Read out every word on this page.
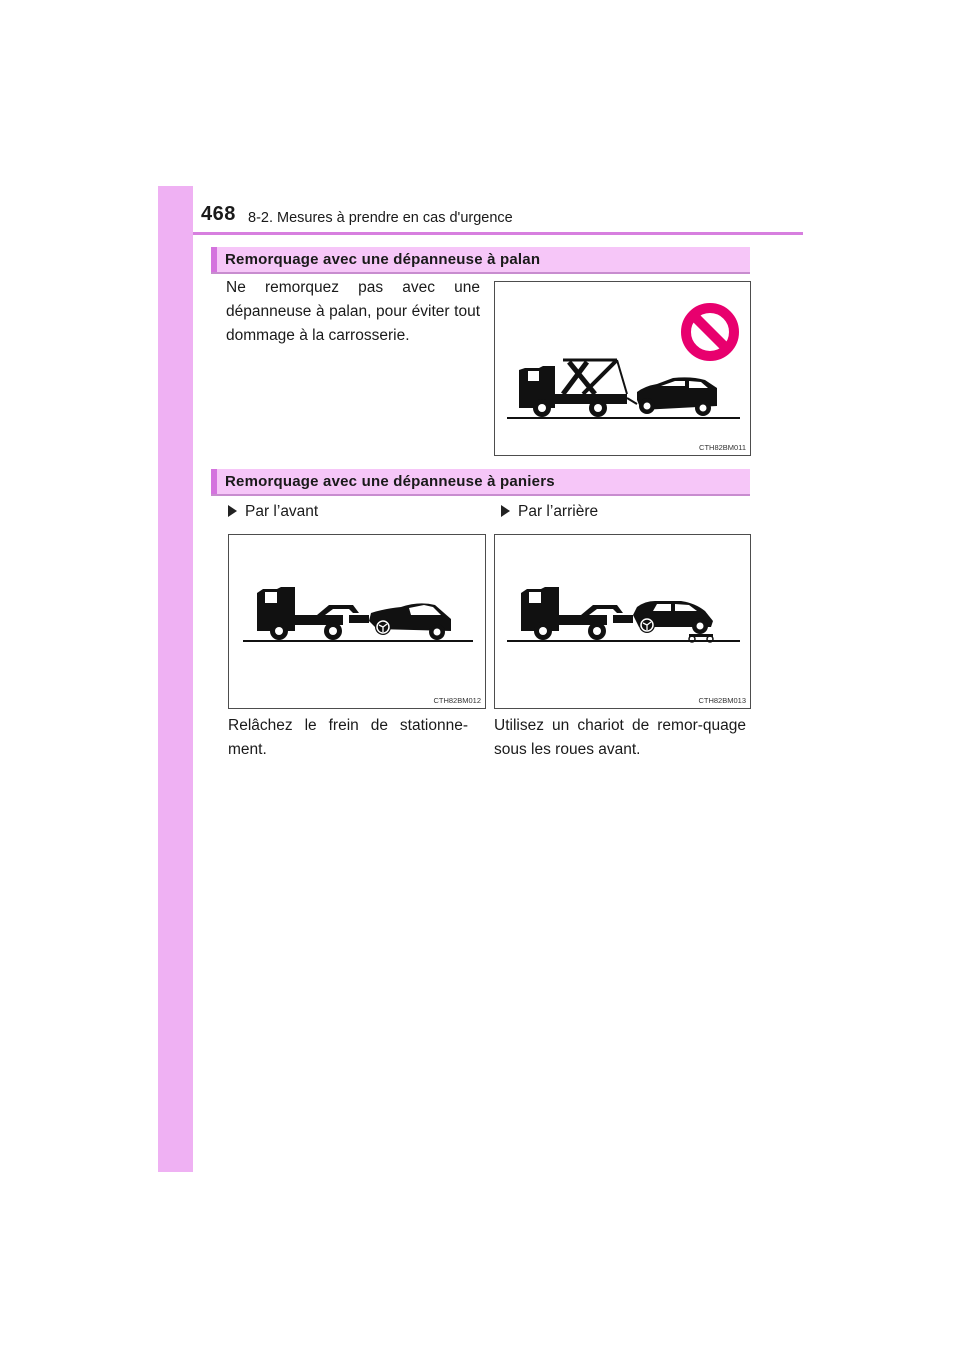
468 8-2. Mesures à prendre en cas d'urgence
Remorquage avec une dépanneuse à palan
Ne remorquez pas avec une dépanneuse à palan, pour éviter tout dommage à la carrosserie.
CTH82BM011
Remorquage avec une dépanneuse à paniers
Par l’avant	Par l’arrière
CTH82BM012	CTH82BM013
Relâchez le frein de stationne-ment.
Utilisez un chariot de remor-quage sous les roues avant.
